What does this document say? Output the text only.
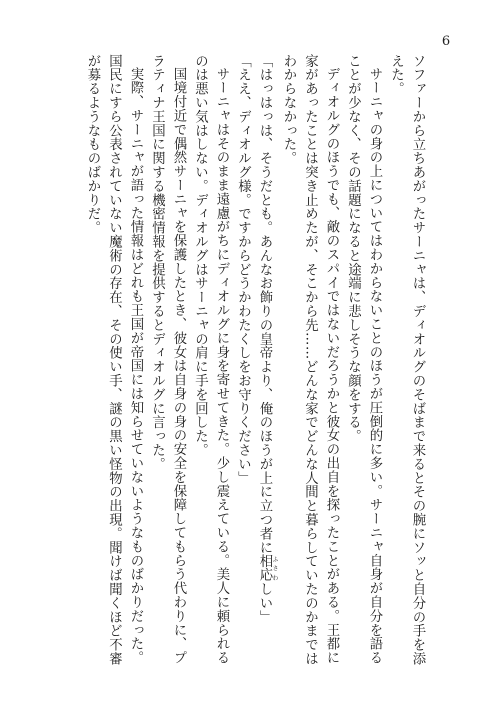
6

ソファーから立ちあがったサーニャは、ディオルグのそばまで来るとその腕にソッと自分の手を添えた。

サーニャの身の上についてはわからないことのほうが圧倒的に多い。サーニャ自身が自分を語ることが少なく、その話題になると途端に悲しそうな顔をする。

ディオルグのほうでも、敵のスパイではないだろうかと彼女の出自を探ったことがある。王都に家があったことは突き止めたが、そこから先……どんな家でどんな人間と暮らしていたのかまではわからなかった。

「はっはっは、そうだとも。あんなお飾りの皇帝より、俺のほうが上に立つ者に相応 ふさわしい」

「ええ、ディオルグ様。ですからどうかわたくしをお守りください」

サーニャはそのまま遠慮がちにディオルグに身を寄せてきた。少し震えている。美人に頼られるのは悪い気はしない。ディオルグはサーニャの肩に手を回した。

国境付近で偶然サーニャを保護したとき、彼女は自身の身の安全を保障してもらう代わりに、プラティナ王国に関する機密情報を提供するとディオルグに言った。

実際、サーニャが語った情報はどれも王国が帝国には知らせていないようなものばかりだった。国民にすら公表されていない魔術の存在、その使い手、謎の黒い怪物の出現。聞けば聞くほど不審が募るようなものばかりだ。
